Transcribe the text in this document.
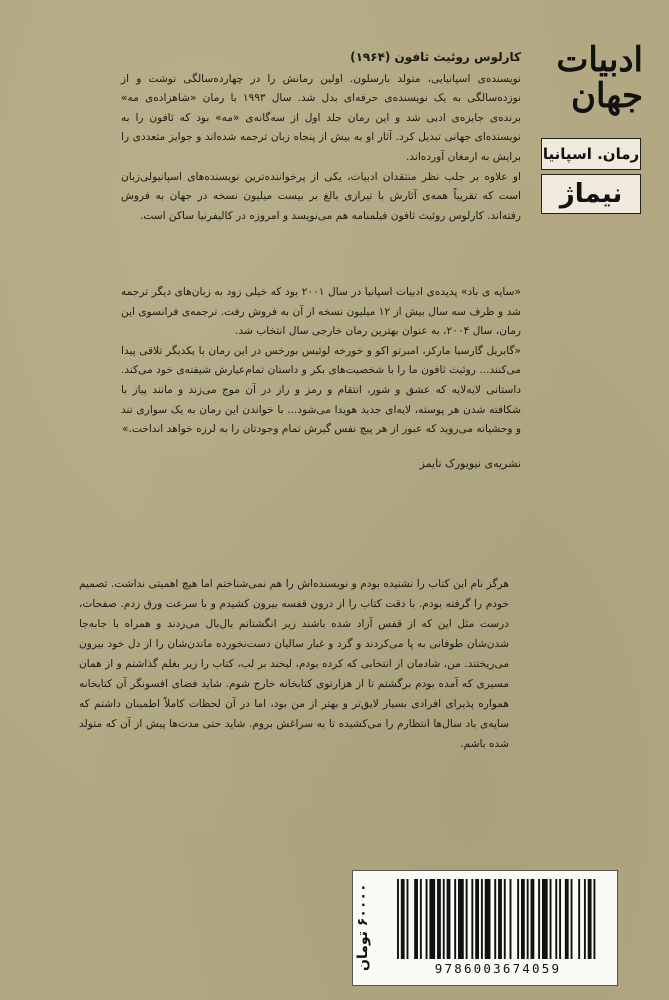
ادبیات
جهان
رمان. اسپانیا
نیماژ

کارلوس روئیث ثافون (۱۹۶۴)

نویسنده‌ی اسپانیایی، متولد بارسلون. اولین رمانش را در چهارده‌سالگی نوشت و از نوزده‌سالگی به یک نویسنده‌ی حرفه‌ای بدل شد. سال ۱۹۹۳ با رمان «شاهزاده‌ی مه» برنده‌ی جایزه‌ی ادبی شد و این رمان جلد اول از سه‌گانه‌ی «مه» بود که ثافون را به نویسنده‌ای جهانی تبدیل کرد. آثار او به بیش از پنجاه زبان ترجمه شده‌اند و جوایز متعددی را برایش به ارمغان آورده‌اند.

او علاوه بر جلب نظر منتقدان ادبیات، یکی از پرخواننده‌ترین نویسنده‌های اسپانیولی‌زبان است که تقریباً همه‌ی آثارش با تیرازی بالغ بر بیست میلیون نسخه در جهان به فروش رفته‌اند. کارلوس روئیث ثافون فیلمنامه هم می‌نویسد و امروزه در کالیفرنیا ساکن است.

«سایه ی باد» پدیده‌ی ادبیات اسپانیا در سال ۲۰۰۱ بود که خیلی زود به زبان‌های دیگر ترجمه شد و ظرف سه سال بیش از ۱۲ میلیون نسخه از آن به فروش رفت. ترجمه‌ی فرانسوی این رمان، سال ۲۰۰۴، به عنوان بهترین رمان خارجی سال انتخاب شد.

«گابریل گارسیا مارکز، امبرتو اکو و خورخه لوئیس بورخس در این رمان با یکدیگر تلاقی پیدا می‌کنند... روئیث ثافون ما را با شخصیت‌های بکر و داستان تمام‌عیارش شیفته‌ی خود می‌کند. داستانی لایه‌لایه که عشق و شور، انتقام و رمز و راز در آن موج می‌زند و مانند پیاز با شکافته شدن هر پوسته، لایه‌ای جدید هویدا می‌شود... با خواندن این رمان به یک سواری تند و وحشیانه می‌روید که عبور از هر پیچ نفس گیرش تمام وجودتان را به لرزه خواهد انداخت.»

نشریه‌ی نیویورک تایمز

هرگز نام این کتاب را نشنیده بودم و نویسنده‌اش را هم نمی‌شناختم اما هیچ اهمیتی نداشت. تصمیم خودم را گرفته بودم. با دقت کتاب را از درون قفسه بیرون کشیدم و با سرعت ورق زدم. صفحات، درست مثل این که از قفس آزاد شده باشند زیر انگشتانم بال‌بال می‌زدند و همراه با جابه‌جا شدن‌شان طوفانی به پا می‌کردند و گرد و غبار سالیان دست‌نخورده ماندن‌شان را از دل خود بیرون می‌ریختند. من، شادمان از انتخابی که کرده بودم، لبخند بر لب، کتاب را زیر بغلم گذاشتم و از همان مسیری که آمده بودم برگشتم تا از هزارتوی کتابخانه خارج شوم. شاید فضای افسونگر آن کتابخانه همواره پذیرای افرادی بسیار لایق‌تر و بهتر از من بود، اما در آن لحظات کاملاً اطمینان داشتم که سایه‌ی باد سال‌ها انتظارم را می‌کشیده تا به سراغش بروم. شاید حتی مدت‌ها پیش از آن که متولد شده باشم.

۶۰۰۰۰ تومان
9786003674059
